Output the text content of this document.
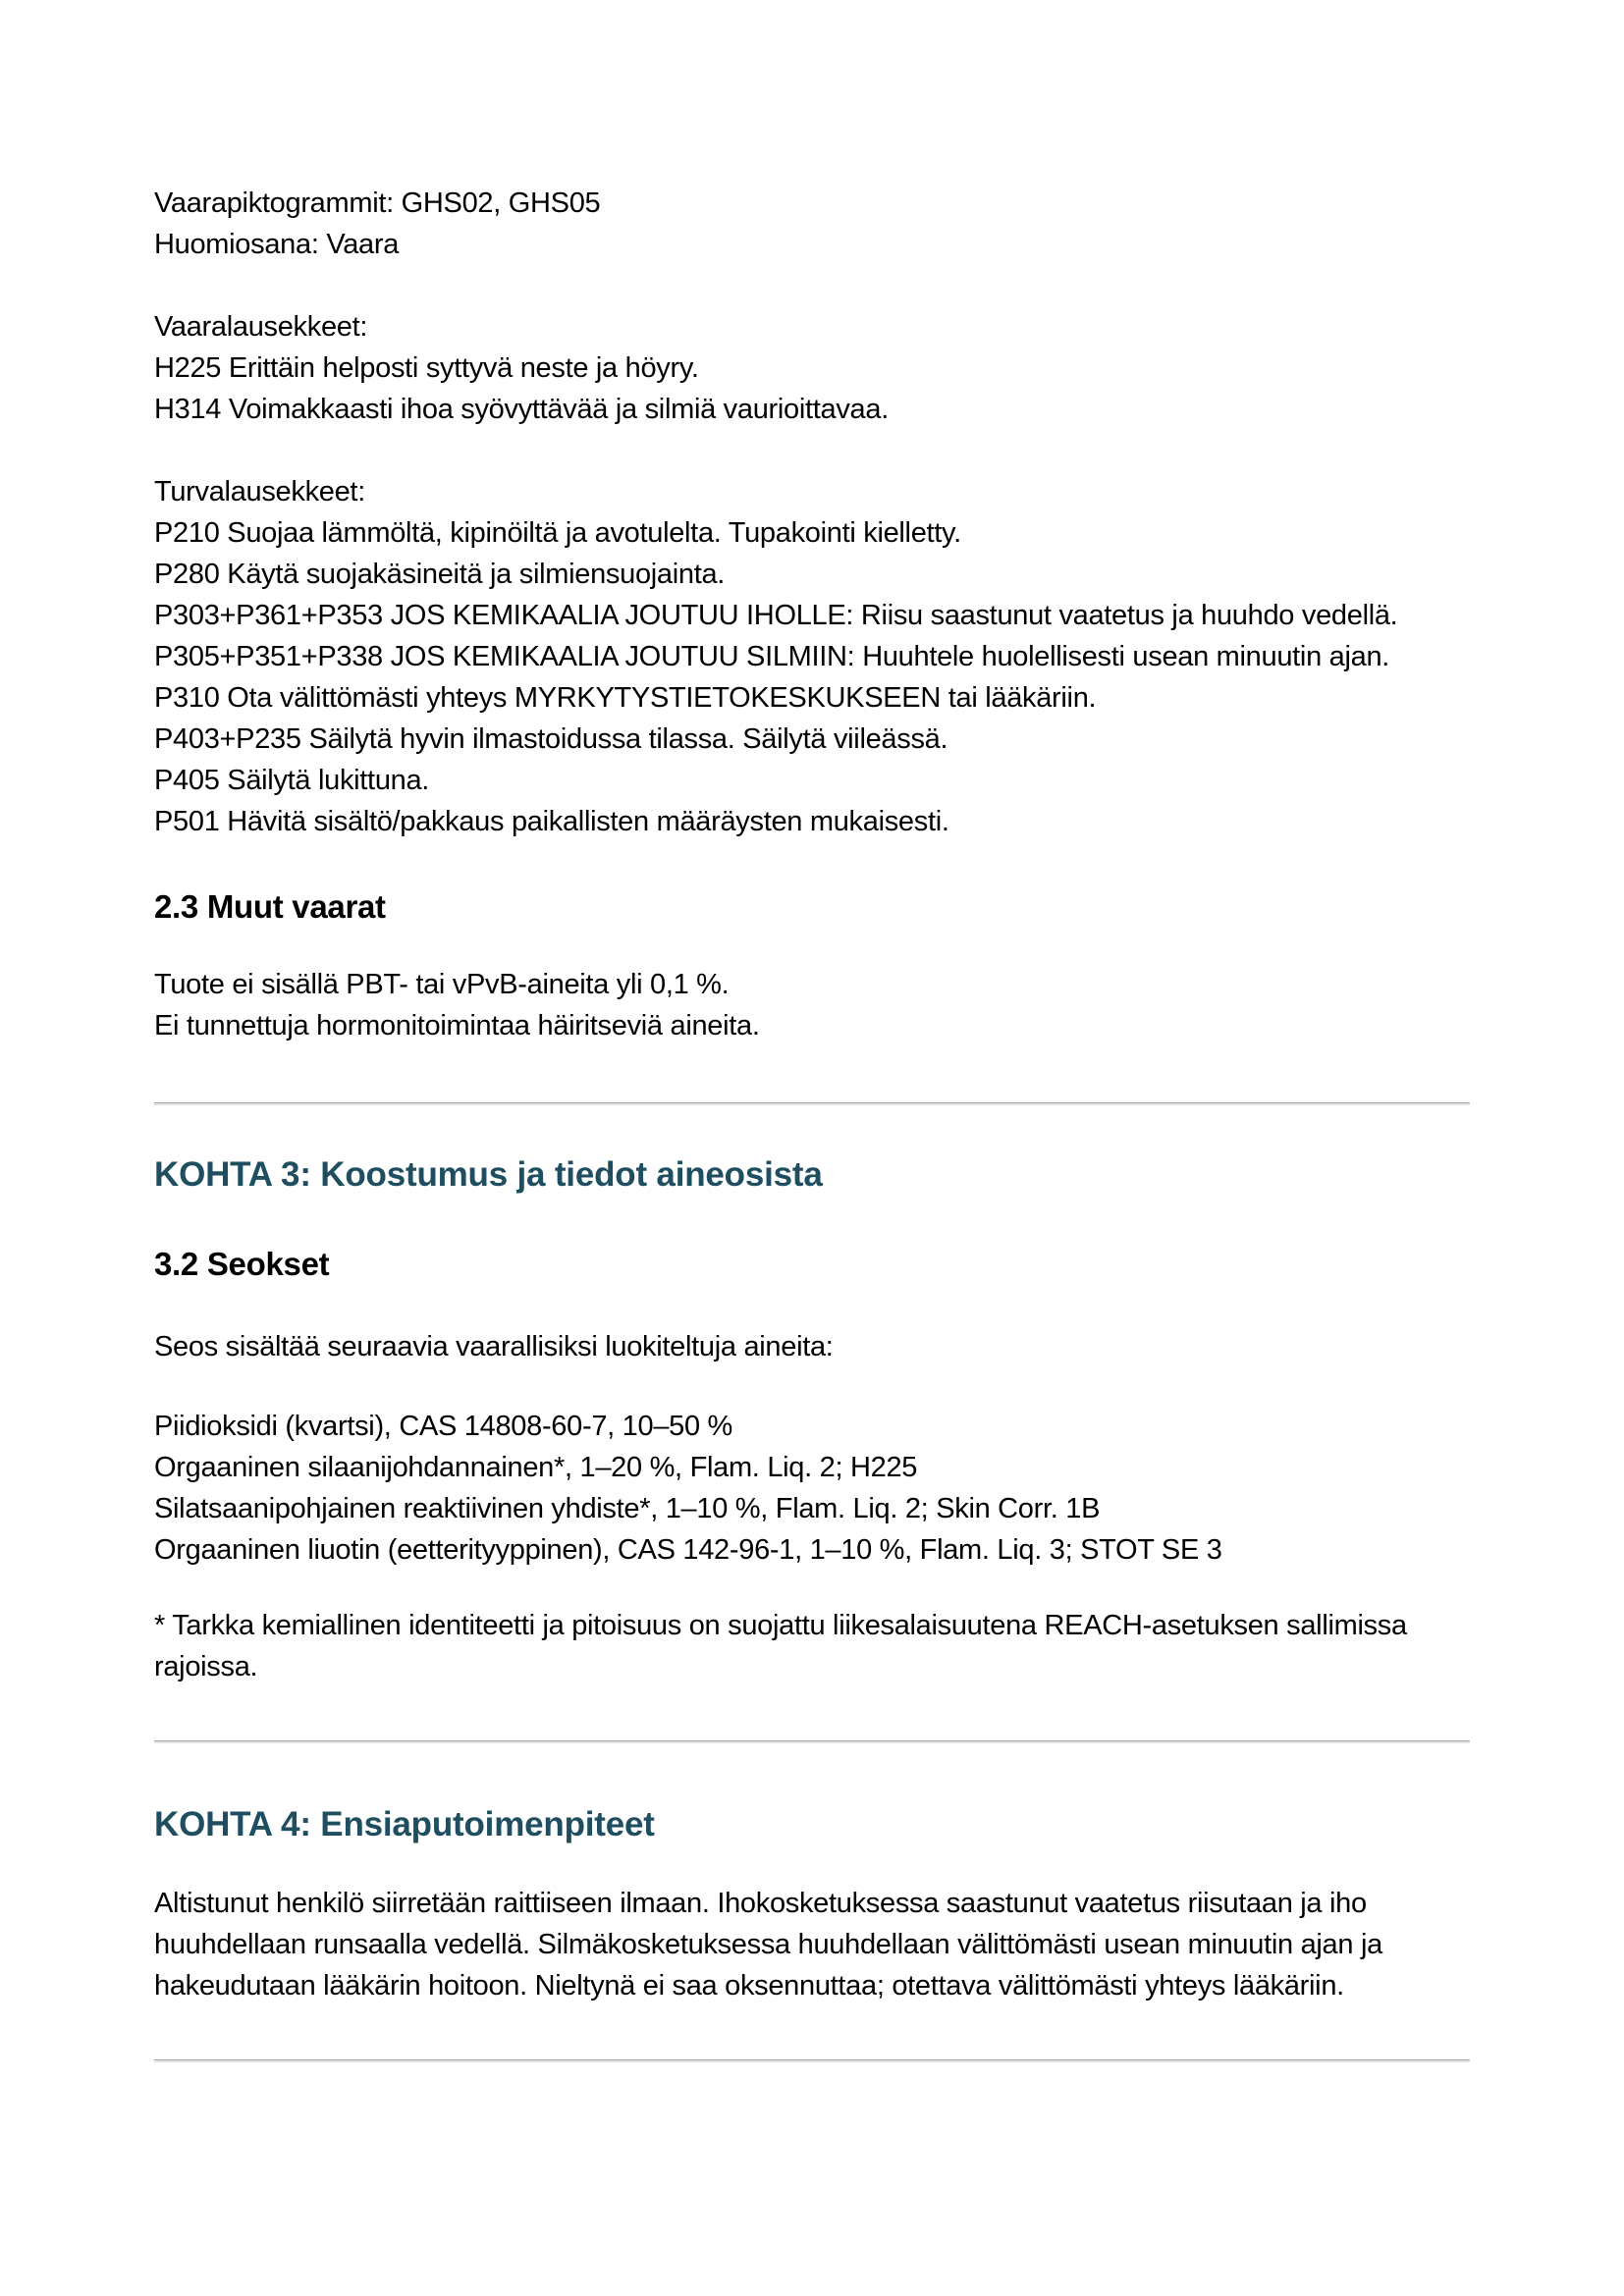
Vaarapiktogrammit: GHS02, GHS05
Huomiosana: Vaara
Vaaralausekkeet:
H225 Erittäin helposti syttyvä neste ja höyry.
H314 Voimakkaasti ihoa syövyttävää ja silmiä vaurioittavaa.
Turvalausekkeet:
P210 Suojaa lämmöltä, kipinöiltä ja avotulelta. Tupakointi kielletty.
P280 Käytä suojakäsineitä ja silmiensuojainta.
P303+P361+P353 JOS KEMIKAALIA JOUTUU IHOLLE: Riisu saastunut vaatetus ja huuhdo vedellä.
P305+P351+P338 JOS KEMIKAALIA JOUTUU SILMIIN: Huuhtele huolellisesti usean minuutin ajan.
P310 Ota välittömästi yhteys MYRKYTYSTIETOKESKUKSEEN tai lääkäriin.
P403+P235 Säilytä hyvin ilmastoidussa tilassa. Säilytä viileässä.
P405 Säilytä lukittuna.
P501 Hävitä sisältö/pakkaus paikallisten määräysten mukaisesti.
2.3 Muut vaarat
Tuote ei sisällä PBT- tai vPvB-aineita yli 0,1 %.
Ei tunnettuja hormonitoimintaa häiritseviä aineita.
KOHTA 3: Koostumus ja tiedot aineosista
3.2 Seokset
Seos sisältää seuraavia vaarallisiksi luokiteltuja aineita:
Piidioksidi (kvartsi), CAS 14808-60-7, 10–50 %
Orgaaninen silaanijohdannainen*, 1–20 %, Flam. Liq. 2; H225
Silatsaanipohjainen reaktiivinen yhdiste*, 1–10 %, Flam. Liq. 2; Skin Corr. 1B
Orgaaninen liuotin (eetterityyppinen), CAS 142-96-1, 1–10 %, Flam. Liq. 3; STOT SE 3
* Tarkka kemiallinen identiteetti ja pitoisuus on suojattu liikesalaisuutena REACH-asetuksen sallimissa rajoissa.
KOHTA 4: Ensiaputoimenpiteet
Altistunut henkilö siirretään raittiiseen ilmaan. Ihokosketuksessa saastunut vaatetus riisutaan ja iho huuhdellaan runsaalla vedellä. Silmäkosketuksessa huuhdellaan välittömästi usean minuutin ajan ja hakeudutaan lääkärin hoitoon. Nieltynä ei saa oksennuttaa; otettava välittömästi yhteys lääkäriin.
